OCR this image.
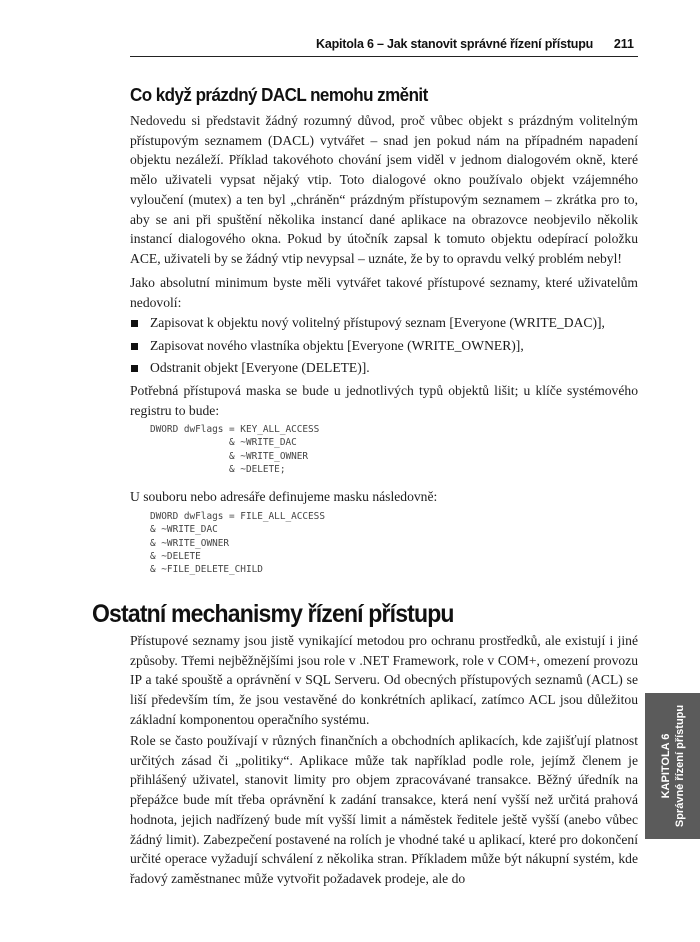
Kapitola 6 – Jak stanovit správné řízení přístupu 211
Co když prázdný DACL nemohu změnit

Nedovedu si představit žádný rozumný důvod, proč vůbec objekt s prázdným volitelným přístupovým seznamem (DACL) vytvářet – snad jen pokud nám na případném napadení objektu nezáleží. Příklad takovéhoto chování jsem viděl v jednom dialogovém okně, které mělo uživateli vypsat nějaký vtip. Toto dialogové okno používalo objekt vzájemného vyloučení (mutex) a ten byl „chráněn“ prázdným přístupovým seznamem – zkrátka pro to, aby se ani při spuštění několika instancí dané aplikace na obrazovce neobjevilo několik instancí dialogového okna. Pokud by útočník zapsal k tomuto objektu odepírací položku ACE, uživateli by se žádný vtip nevypsal – uznáte, že by to opravdu velký problém nebyl!

Jako absolutní minimum byste měli vytvářet takové přístupové seznamy, které uživatelům nedovolí:

Zapisovat k objektu nový volitelný přístupový seznam [Everyone (WRITE_DAC)],
Zapisovat nového vlastníka objektu [Everyone (WRITE_OWNER)],
Odstranit objekt [Everyone (DELETE)].

Potřebná přístupová maska se bude u jednotlivých typů objektů lišit; u klíče systémového registru to bude:

DWORD dwFlags = KEY_ALL_ACCESS
& ~WRITE_DAC
& ~WRITE_OWNER
& ~DELETE;

U souboru nebo adresáře definujeme masku následovně:

DWORD dwFlags = FILE_ALL_ACCESS
& ~WRITE_DAC
& ~WRITE_OWNER
& ~DELETE
& ~FILE_DELETE_CHILD
Ostatní mechanismy řízení přístupu

Přístupové seznamy jsou jistě vynikající metodou pro ochranu prostředků, ale existují i jiné způsoby. Třemi nejběžnějšími jsou role v .NET Framework, role v COM+, omezení provozu IP a také spouště a oprávnění v SQL Serveru. Od obecných přístupových seznamů (ACL) se liší především tím, že jsou vestavěné do konkrétních aplikací, zatímco ACL jsou důležitou základní komponentou operačního systému.

Role se často používají v různých finančních a obchodních aplikacích, kde zajišťují platnost určitých zásad či „politiky“. Aplikace může tak například podle role, jejímž členem je přihlášený uživatel, stanovit limity pro objem zpracovávané transakce. Běžný úředník na přepážce bude mít třeba oprávnění k zadání transakce, která není vyšší než určitá prahová hodnota, jejich nadřízený bude mít vyšší limit a náměstek ředitele ještě vyšší (anebo vůbec žádný limit). Zabezpečení postavené na rolích je vhodné také u aplikací, které pro dokončení určité operace vyžadují schválení z několika stran. Příkladem může být nákupní systém, kde řadový zaměstnanec může vytvořit požadavek prodeje, ale do

KAPITOLA 6 Správné řízení přístupu
